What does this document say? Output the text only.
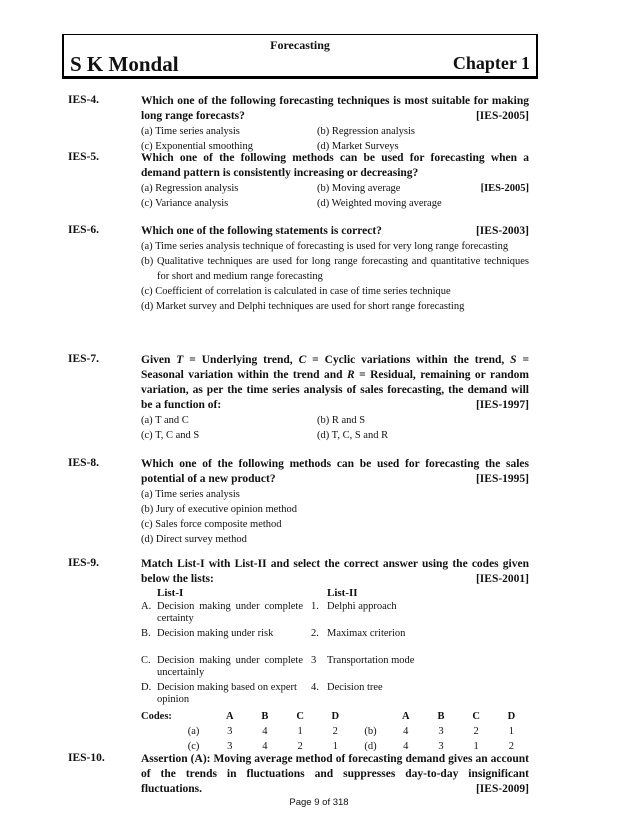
Forecasting
S K Mondal	Chapter 1
IES-4.	Which one of the following forecasting techniques is most suitable for making long range forecasts?	[IES-2005]

(a) Time series analysis	(b) Regression analysis
(c) Exponential smoothing	(d) Market Surveys
IES-5.	Which one of the following methods can be used for forecasting when a demand pattern is consistently increasing or decreasing?

(a) Regression analysis	(b) Moving average	[IES-2005]
(c) Variance analysis	(d) Weighted moving average
IES-6.	Which one of the following statements is correct?	[IES-2003]

(a) Time series analysis technique of forecasting is used for very long range forecasting
(b) Qualitative techniques are used for long range forecasting and quantitative techniques for short and medium range forecasting
(c) Coefficient of correlation is calculated in case of time series technique
(d) Market survey and Delphi techniques are used for short range forecasting
IES-7.	Given T = Underlying trend, C = Cyclic variations within the trend, S = Seasonal variation within the trend and R = Residual, remaining or random variation, as per the time series analysis of sales forecasting, the demand will be a function of:	[IES-1997]

(a) T and C	(b) R and S
(c) T, C and S	(d) T, C, S and R
IES-8.	Which one of the following methods can be used for forecasting the sales potential of a new product?	[IES-1995]

(a) Time series analysis
(b) Jury of executive opinion method
(c) Sales force composite method
(d) Direct survey method
IES-9.	Match List-I with List-II and select the correct answer using the codes given below the lists:	[IES-2001]

	List-I		List-II
A.	Decision making under complete certainty	1.	Delphi approach
B.	Decision making under risk	2.	Maximax criterion
C.	Decision making under complete uncertainly	3	Transportation mode
D.	Decision making based on expert opinion	4.	Decision tree
Codes:		A	B	C	D		A	B	C	D
	(a)	3	4	1	2	(b)	4	3	2	1
	(c)	3	4	2	1	(d)	4	3	1	2
IES-10.	Assertion (A): Moving average method of forecasting demand gives an account of the trends in fluctuations and suppresses day-to-day insignificant fluctuations.	[IES-2009]

Page 9 of 318
